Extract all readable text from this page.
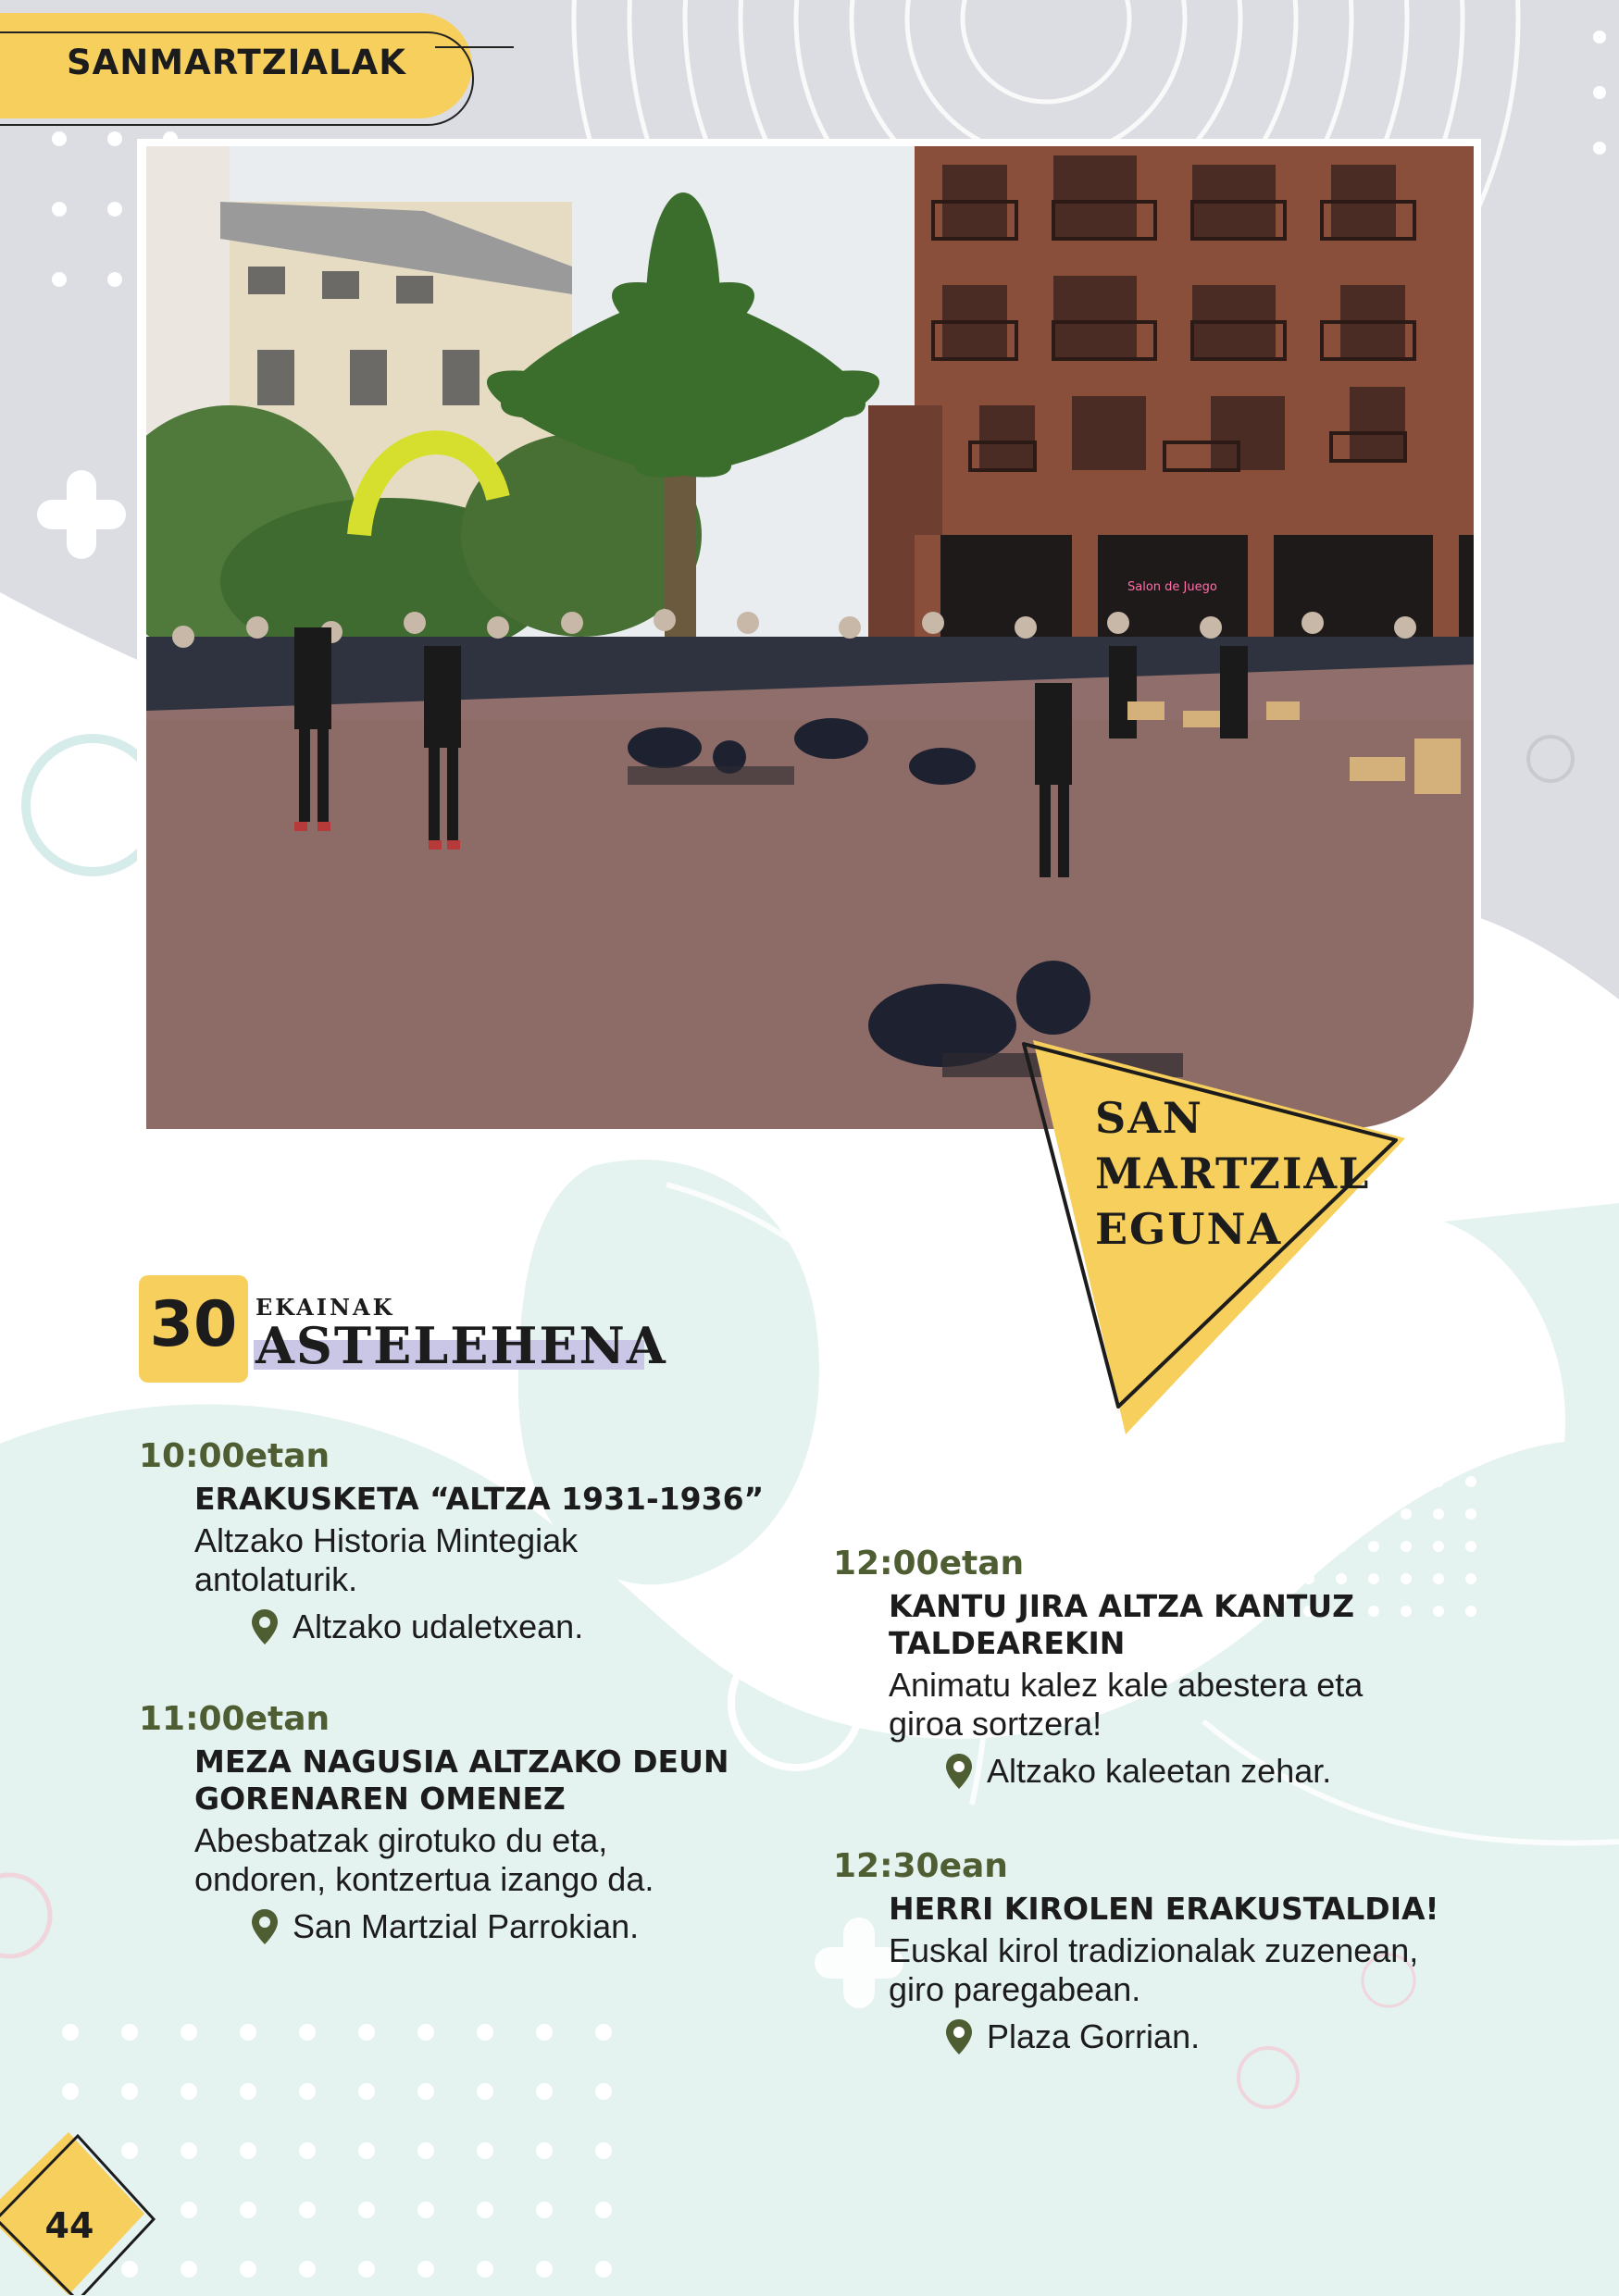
SANMARTZIALAK
Salon de Juego
SAN
MARTZIAL
EGUNA
30 EKAINAK
ASTELEHENA
10:00etan
ERAKUSKETA “ALTZA 1931-1936”
Altzako Historia Mintegiak
antolaturik.
Altzako udaletxean.
11:00etan
MEZA NAGUSIA ALTZAKO DEUN
GORENAREN OMENEZ
Abesbatzak girotuko du eta,
ondoren, kontzertua izango da.
San Martzial Parrokian.
12:00etan
KANTU JIRA ALTZA KANTUZ
TALDEAREKIN
Animatu kalez kale abestera eta
giroa sortzera!
Altzako kaleetan zehar.
12:30ean
HERRI KIROLEN ERAKUSTALDIA!
Euskal kirol tradizionalak zuzenean,
giro paregabean.
Plaza Gorrian.
44
